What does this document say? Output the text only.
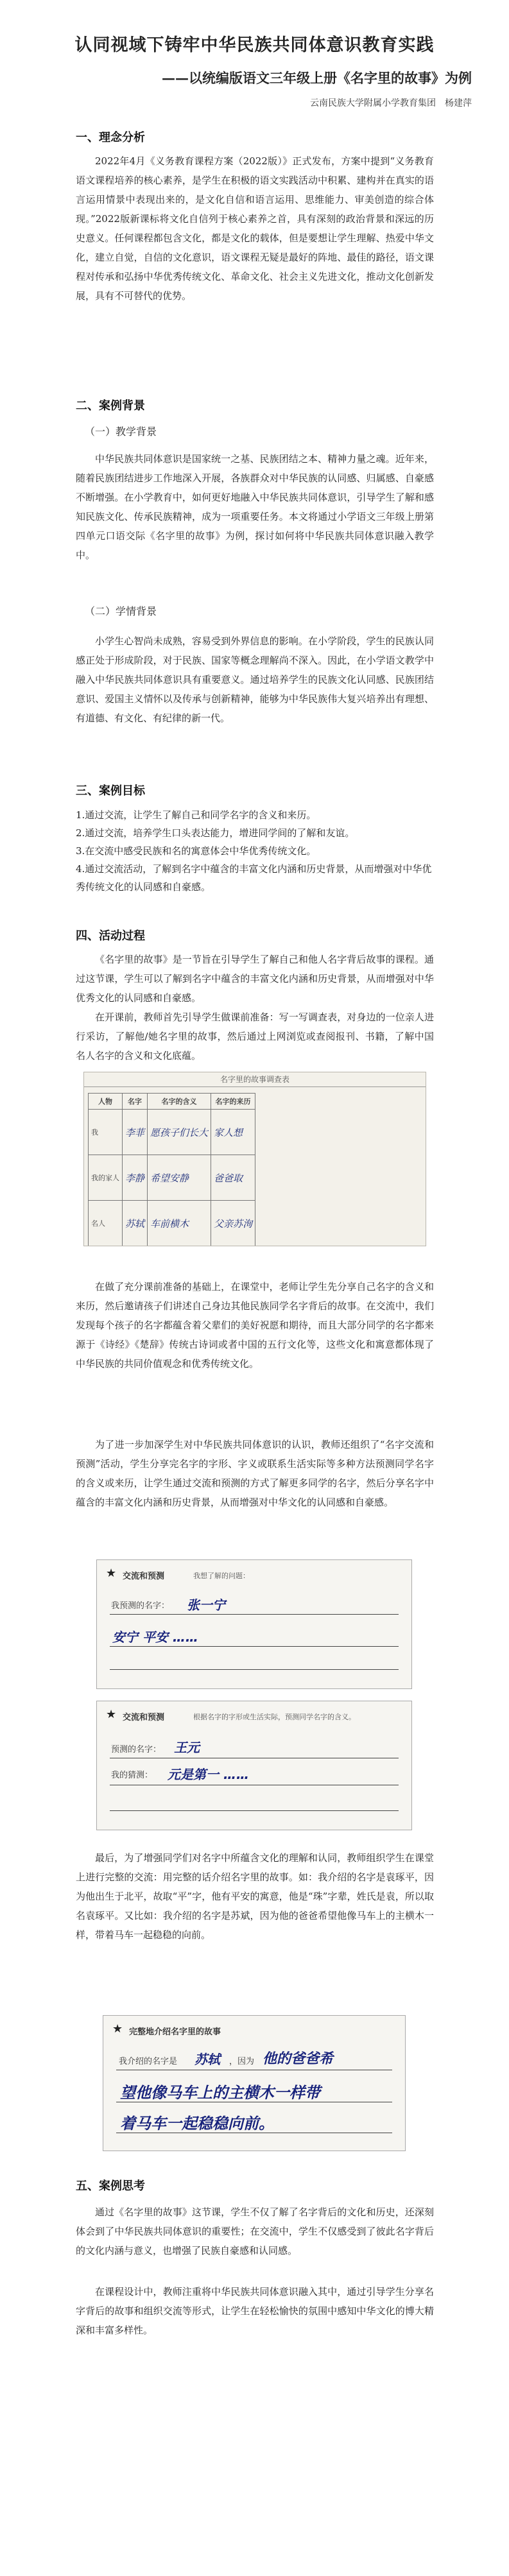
认同视域下铸牢中华民族共同体意识教育实践
——以统编版语文三年级上册《名字里的故事》为例
云南民族大学附属小学教育集团　杨建萍
一、理念分析

2022年4月《义务教育课程方案（2022版）》正式发布，方案中提到“义务教育语文课程培养的核心素养，是学生在积极的语文实践活动中积累、建构并在真实的语言运用情景中表现出来的，是文化自信和语言运用、思维能力、审美创造的综合体现。”2022版新课标将文化自信列于核心素养之首，具有深刻的政治背景和深远的历史意义。任何课程都包含文化，都是文化的载体，但是要想让学生理解、热爱中华文化，建立自觉，自信的文化意识，语文课程无疑是最好的阵地、最佳的路径，语文课程对传承和弘扬中华优秀传统文化、革命文化、社会主义先进文化，推动文化创新发展，具有不可替代的优势。

二、案例背景
（一）教学背景

中华民族共同体意识是国家统一之基、民族团结之本、精神力量之魂。近年来，随着民族团结进步工作地深入开展，各族群众对中华民族的认同感、归属感、自豪感不断增强。在小学教育中，如何更好地融入中华民族共同体意识，引导学生了解和感知民族文化、传承民族精神，成为一项重要任务。本文将通过小学语文三年级上册第四单元口语交际《名字里的故事》为例，探讨如何将中华民族共同体意识融入教学中。

（二）学情背景

小学生心智尚未成熟，容易受到外界信息的影响。在小学阶段，学生的民族认同感正处于形成阶段，对于民族、国家等概念理解尚不深入。因此，在小学语文教学中融入中华民族共同体意识具有重要意义。通过培养学生的民族文化认同感、民族团结意识、爱国主义情怀以及传承与创新精神，能够为中华民族伟大复兴培养出有理想、有道德、有文化、有纪律的新一代。

三、案例目标
1.通过交流，让学生了解自己和同学名字的含义和来历。
2.通过交流，培养学生口头表达能力，增进同学间的了解和友谊。
3.在交流中感受民族和名的寓意体会中华优秀传统文化。
4.通过交流活动，了解到名字中蕴含的丰富文化内涵和历史背景，从而增强对中华优秀传统文化的认同感和自豪感。
四、活动过程

《名字里的故事》是一节旨在引导学生了解自己和他人名字背后故事的课程。通过这节课，学生可以了解到名字中蕴含的丰富文化内涵和历史背景，从而增强对中华优秀文化的认同感和自豪感。

在开课前，教师首先引导学生做课前准备：写一写调查表，对身边的一位亲人进行采访，了解他/她名字里的故事，然后通过上网浏览或查阅报刊、书籍，了解中国名人名字的含义和文化底蕴。

名字里的故事调查表
人物	名字	名字的含义	名字的来历
我	李菲	愿孩子们长大	家人想
我的家人	李静	希望安静	爸爸取
名人	苏轼	车前横木	父亲苏洵

在做了充分课前准备的基础上，在课堂中，老师让学生先分享自己名字的含义和来历，然后邀请孩子们讲述自己身边其他民族同学名字背后的故事。在交流中，我们发现每个孩子的名字都蕴含着父辈们的美好祝愿和期待，而且大部分同学的名字都来源于《诗经》《楚辞》传统古诗词或者中国的五行文化等，这些文化和寓意都体现了中华民族的共同价值观念和优秀传统文化。

为了进一步加深学生对中华民族共同体意识的认识，教师还组织了“名字交流和预测”活动，学生分享完名字的字形、字义或联系生活实际等多种方法预测同学名字的含义或来历，让学生通过交流和预测的方式了解更多同学的名字，然后分享名字中蕴含的丰富文化内涵和历史背景，从而增强对中华文化的认同感和自豪感。

★ 交流和预测	我想了解的问题：
我预测的名字： 张一宁
安宁 平安 ……
★ 交流和预测	根据名字的字形或生活实际，预测同学名字的含义。
预测的名字： 王元
我的猜测： 元是第一 ……

最后，为了增强同学们对名字中所蕴含文化的理解和认同，教师组织学生在课堂上进行完整的交流：用完整的话介绍名字里的故事。如：我介绍的名字是袁琢平，因为他出生于北平，故取“平”字，他有平安的寓意，他是“珠”字辈，姓氏是袁，所以取名袁琢平。又比如：我介绍的名字是苏斌，因为他的爸爸希望他像马车上的主横木一样，带着马车一起稳稳的向前。

★ 完整地介绍名字里的故事
我介绍的名字是 苏轼 ，因为 他的爸爸希
望他像马车上的主横木一样带
着马车一起稳稳向前。
五、案例思考

通过《名字里的故事》这节课，学生不仅了解了名字背后的文化和历史，还深刻体会到了中华民族共同体意识的重要性；在交流中，学生不仅感受到了彼此名字背后的文化内涵与意义，也增强了民族自豪感和认同感。

在课程设计中，教师注重将中华民族共同体意识融入其中，通过引导学生分享名字背后的故事和组织交流等形式，让学生在轻松愉快的氛围中感知中华文化的博大精深和丰富多样性。
